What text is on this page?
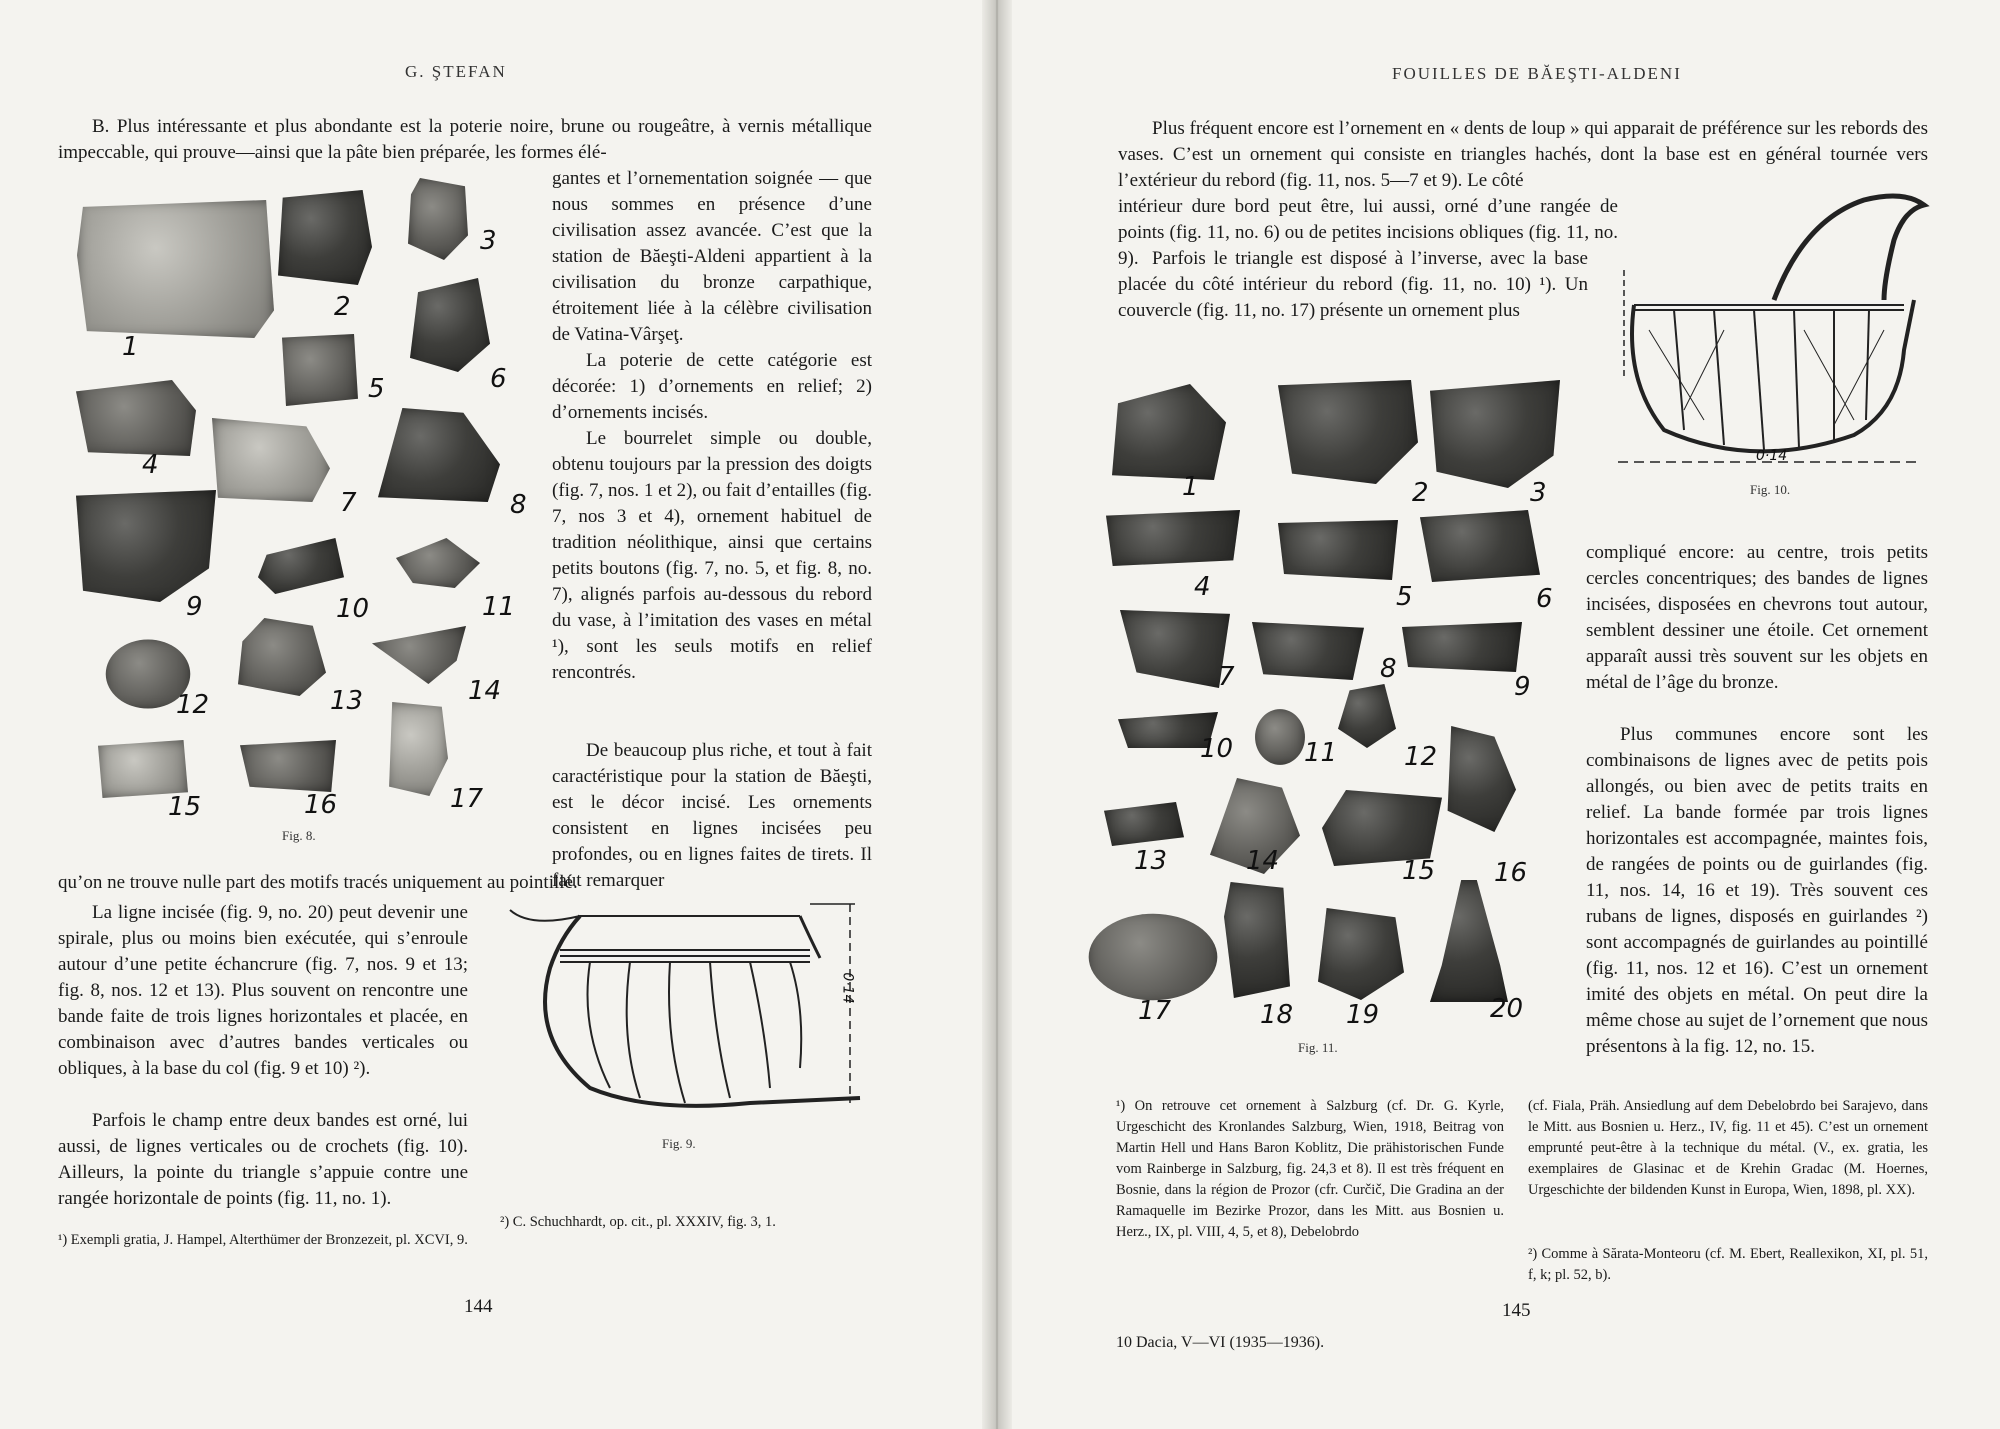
G. ŞTEFAN

B. Plus intéressante et plus abondante est la poterie noire, brune ou rougeâtre, à vernis métallique impeccable, qui prouve—ainsi que la pâte bien préparée, les formes élé-

1
2
3
4
5	6
7	8
9	10	11
12	13	14
15	16	17
Fig. 8.

gantes et l’ornementation soignée — que nous sommes en présence d’une civilisation assez avancée. C’est que la station de Băeşti-Aldeni appartient à la civilisation du bronze carpathique, étroitement liée à la célèbre civilisation de Vatina-Vârşeţ.

La poterie de cette catégorie est décorée: 1) d’ornements en relief; 2) d’ornements incisés.

Le bourrelet simple ou double, obtenu toujours par la pression des doigts (fig. 7, nos. 1 et 2), ou fait d’entailles (fig. 7, nos 3 et 4), ornement habituel de tradition néolithique, ainsi que certains petits boutons (fig. 7, no. 5, et fig. 8, no. 7), alignés parfois au-dessous du rebord du vase, à l’imitation des vases en métal ¹), sont les seuls motifs en relief rencontrés.

De beaucoup plus riche, et tout à fait caractéristique pour la station de Băeşti, est le décor incisé. Les ornements consistent en lignes incisées peu profondes, ou en lignes faites de tirets. Il faut remarquer

qu’on ne trouve nulle part des motifs tracés uniquement au pointillé.

La ligne incisée (fig. 9, no. 20) peut devenir une spirale, plus ou moins bien exécutée, qui s’enroule autour d’une petite échancrure (fig. 7, nos. 9 et 13; fig. 8, nos. 12 et 13). Plus souvent on rencontre une bande faite de trois lignes horizontales et placée, en combinaison avec d’autres bandes verticales ou obliques, à la base du col (fig. 9 et 10) ²).

Parfois le champ entre deux bandes est orné, lui aussi, de lignes verticales ou de crochets (fig. 10). Ailleurs, la pointe du triangle s’appuie contre une rangée horizontale de points (fig. 11, no. 1).

0·14
Fig. 9.

¹) Exempli gratia, J. Hampel, Alterthümer der Bronzezeit, pl. XCVI, 9.

²) C. Schuchhardt, op. cit., pl. XXXIV, fig. 3, 1.

144
FOUILLES DE BĂEŞTI-ALDENI

Plus fréquent encore est l’ornement en « dents de loup » qui apparait de préférence sur les rebords des vases. C’est un ornement qui consiste en triangles hachés, dont la base est en général tournée vers l’extérieur du rebord (fig. 11, nos. 5—7 et 9). Le côté

intérieur dure bord peut être, lui aussi, orné d’une rangée de points (fig. 11, no. 6) ou de petites incisions obliques (fig. 11, no. 9). Parfois le triangle est disposé à l’inverse, avec la base placée du côté intérieur du rebord (fig. 11, no. 10) ¹). Un couvercle (fig. 11, no. 17) présente un ornement plus

0·14
Fig. 10.
1	2	3
4	5	6
7	8
9
10	11	12
13	14	15 16
17	18 19	20
Fig. 11.

compliqué encore: au centre, trois petits cercles concentriques; des bandes de lignes incisées, disposées en chevrons tout autour, semblent dessiner une étoile. Cet ornement apparaît aussi très souvent sur les objets en métal de l’âge du bronze.

Plus communes encore sont les combinaisons de lignes avec de petits pois allongés, ou bien avec de petits traits en relief. La bande formée par trois lignes horizontales est accompagnée, maintes fois, de rangées de points ou de guirlandes (fig. 11, nos. 14, 16 et 19). Très souvent ces rubans de lignes, disposés en guirlandes ²) sont accompagnés de guirlandes au pointillé (fig. 11, nos. 12 et 16). C’est un ornement imité des objets en métal. On peut dire la même chose au sujet de l’ornement que nous présentons à la fig. 12, no. 15.

¹) On retrouve cet ornement à Salzburg (cf. Dr. G. Kyrle, Urgeschicht des Kronlandes Salzburg, Wien, 1918, Beitrag von Martin Hell und Hans Baron Koblitz, Die prähistorischen Funde vom Rainberge in Salzburg, fig. 24,3 et 8). Il est très fréquent en Bosnie, dans la région de Prozor (cfr. Curčič, Die Gradina an der Ramaquelle im Bezirke Prozor, dans les Mitt. aus Bosnien u. Herz., IX, pl. VIII, 4, 5, et 8), Debelobrdo

(cf. Fiala, Präh. Ansiedlung auf dem Debelobrdo bei Sarajevo, dans le Mitt. aus Bosnien u. Herz., IV, fig. 11 et 45). C’est un ornement emprunté peut-être à la technique du métal. (V., ex. gratia, les exemplaires de Glasinac et de Krehin Gradac (M. Hoernes, Urgeschichte der bildenden Kunst in Europa, Wien, 1898, pl. XX).

²) Comme à Sărata-Monteoru (cf. M. Ebert, Reallexikon, XI, pl. 51, f, k; pl. 52, b).

145
10 Dacia, V—VI (1935—1936).
